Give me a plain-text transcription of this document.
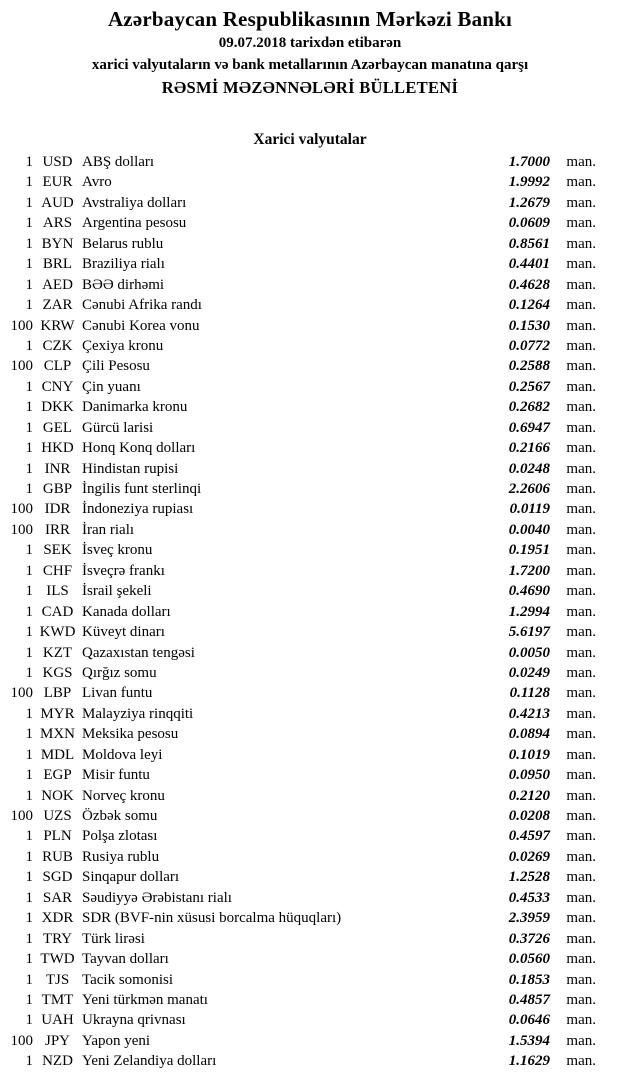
Azərbaycan Respublikasının Mərkəzi Bankı
09.07.2018 tarixdən etibarən
xarici valyutaların və bank metallarının Azərbaycan manatına qarşı
RƏSMİ MƏZƏNNƏLƏRİ BÜLLETENİ
Xarici valyutalar
1 USD ABŞ dolları	1.7000	man.
1 EUR Avro	1.9992	man.
1 AUD Avstraliya dolları	1.2679	man.
1 ARS Argentina pesosu	0.0609	man.
1 BYN Belarus rublu	0.8561	man.
1 BRL Braziliya rialı	0.4401	man.
1 AED BƏƏ dirhəmi	0.4628	man.
1 ZAR Cənubi Afrika randı	0.1264	man.
100 KRW Cənubi Korea vonu	0.1530	man.
1 CZK Çexiya kronu	0.0772	man.
100 CLP Çili Pesosu	0.2588	man.
1 CNY Çin yuanı	0.2567	man.
1 DKK Danimarka kronu	0.2682	man.
1 GEL Gürcü larisi	0.6947	man.
1 HKD Honq Konq dolları	0.2166	man.
1 INR Hindistan rupisi	0.0248	man.
1 GBP İngilis funt sterlinqi	2.2606	man.
100 IDR İndoneziya rupiası	0.0119	man.
100 IRR İran rialı	0.0040	man.
1 SEK İsveç kronu	0.1951	man.
1 CHF İsveçrə frankı	1.7200	man.
1 ILS İsrail şekeli	0.4690	man.
1 CAD Kanada dolları	1.2994	man.
1 KWD Küveyt dinarı	5.6197	man.
1 KZT Qazaxıstan tengəsi	0.0050	man.
1 KGS Qırğız somu	0.0249	man.
100 LBP Livan funtu	0.1128	man.
1 MYR Malayziya rinqqiti	0.4213	man.
1 MXN Meksika pesosu	0.0894	man.
1 MDL Moldova leyi	0.1019	man.
1 EGP Misir funtu	0.0950	man.
1 NOK Norveç kronu	0.2120	man.
100 UZS Özbək somu	0.0208	man.
1 PLN Polşa zlotası	0.4597	man.
1 RUB Rusiya rublu	0.0269	man.
1 SGD Sinqapur dolları	1.2528	man.
1 SAR Səudiyyə Ərəbistanı rialı	0.4533	man.
1 XDR SDR (BVF-nin xüsusi borcalma hüquqları)	2.3959	man.
1 TRY Türk lirəsi	0.3726	man.
1 TWD Tayvan dolları	0.0560	man.
1 TJS Tacik somonisi	0.1853	man.
1 TMT Yeni türkmən manatı	0.4857	man.
1 UAH Ukrayna qrivnası	0.0646	man.
100 JPY Yapon yeni	1.5394	man.
1 NZD Yeni Zelandiya dolları	1.1629	man.
